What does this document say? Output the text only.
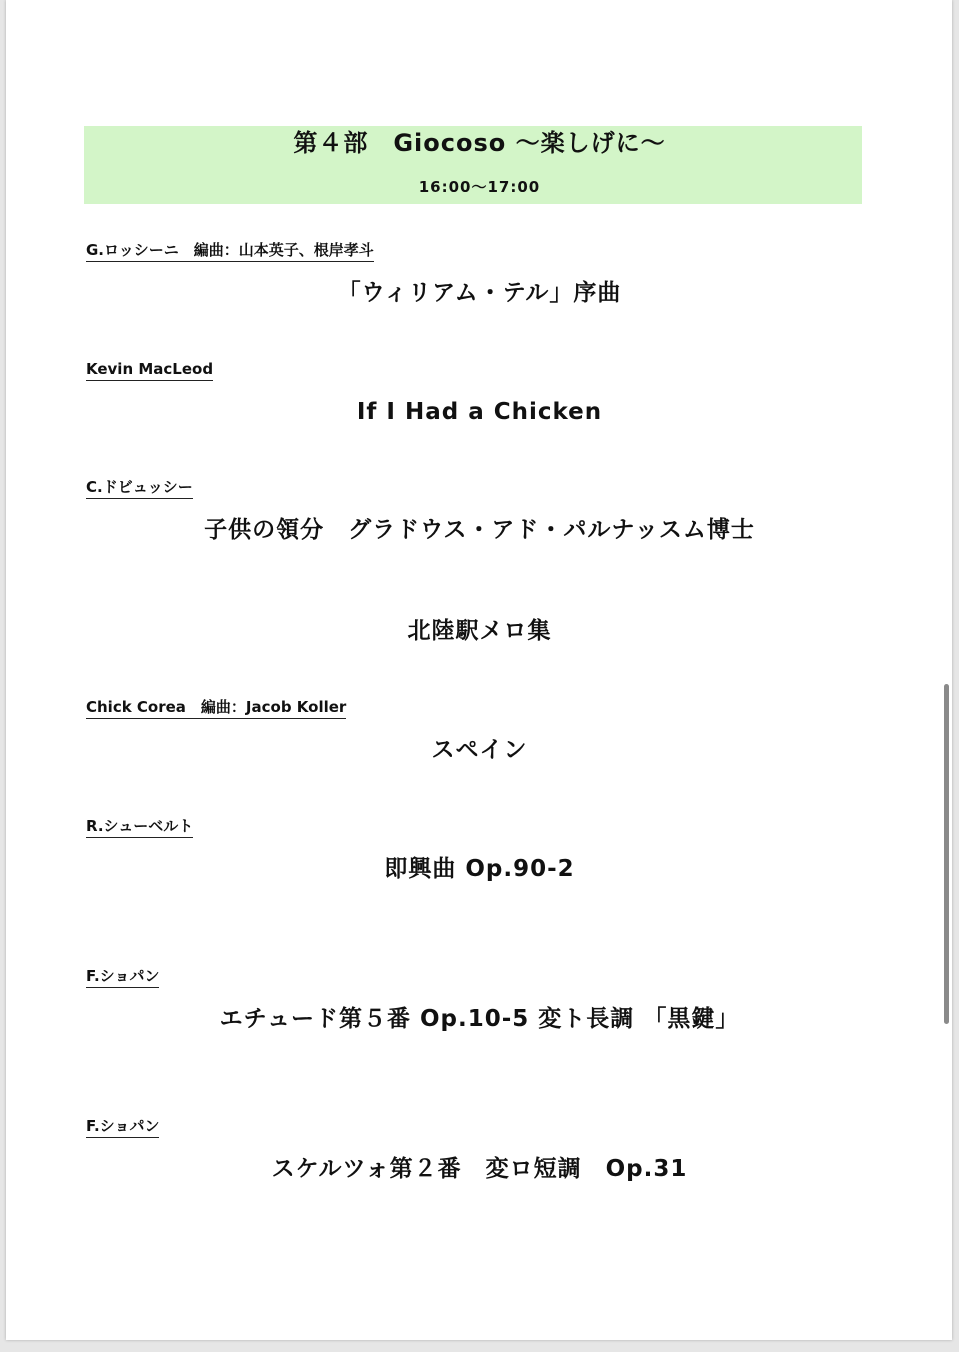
第４部　Giocoso ～楽しげに～
16:00～17:00
G.ロッシーニ　編曲：山本英子、根岸孝斗
「ウィリアム・テル」序曲
Kevin MacLeod
If I Had a Chicken
C.ドビュッシー
子供の領分　グラドウス・アド・パルナッスム博士
北陸駅メロ集
Chick Corea　編曲：Jacob Koller
スペイン
R.シューベルト
即興曲 Op.90-2
F.ショパン
エチュード第５番 Op.10-5 変ト長調 「黒鍵」
F.ショパン
スケルツォ第２番　変ロ短調　Op.31
